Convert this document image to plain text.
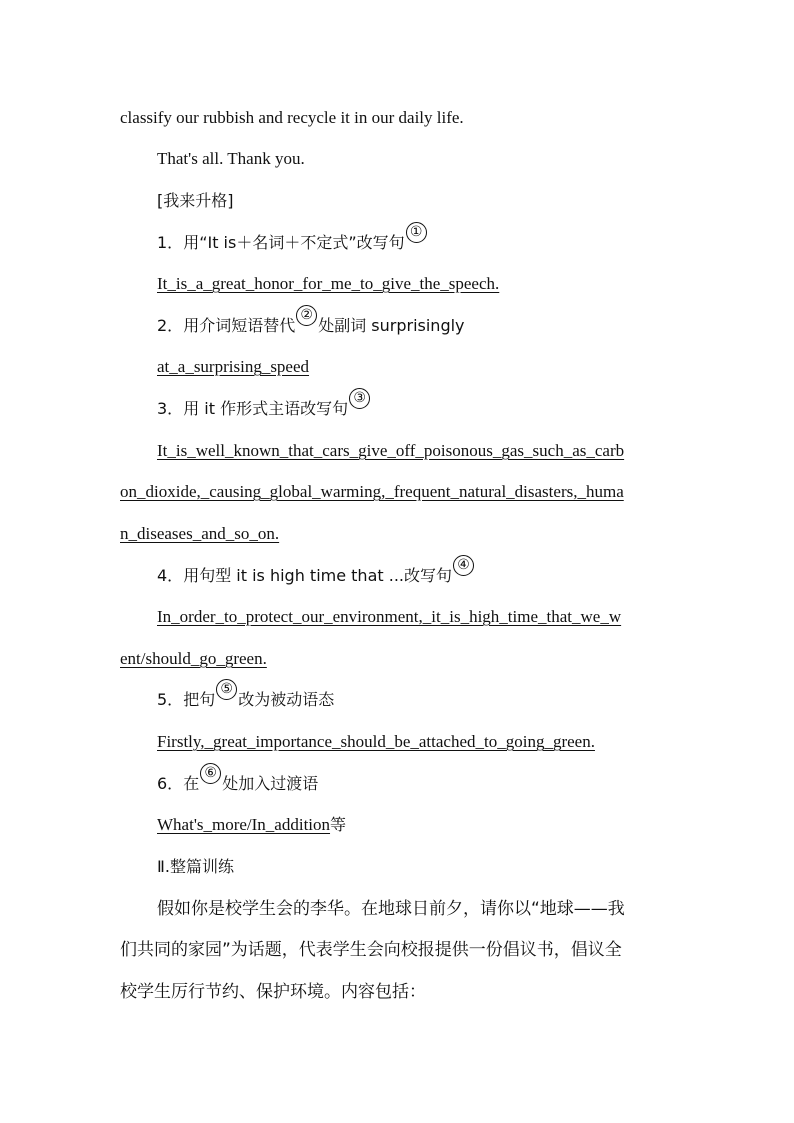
classify our rubbish and recycle it in our daily life.
That's all. Thank you.
[我来升格]
1．用“It is＋名词＋不定式”改写句①
It_is_a_great_honor_for_me_to_give_the_speech.
2．用介词短语替代②处副词 surprisingly
at_a_surprising_speed
3．用 it 作形式主语改写句③
It_is_well_known_that_cars_give_off_poisonous_gas_such_as_carb
on_dioxide,_causing_global_warming,_frequent_natural_disasters,_huma
n_diseases_and_so_on.
4．用句型 it is high time that ...改写句④
In_order_to_protect_our_environment,_it_is_high_time_that_we_w
ent/should_go_green.
5．把句⑤改为被动语态
Firstly,_great_importance_should_be_attached_to_going_green.
6．在⑥处加入过渡语
What's_more/In_addition等
Ⅱ.整篇训练
假如你是校学生会的李华。在地球日前夕，请你以“地球——我
们共同的家园”为话题，代表学生会向校报提供一份倡议书，倡议全
校学生厉行节约、保护环境。内容包括：
